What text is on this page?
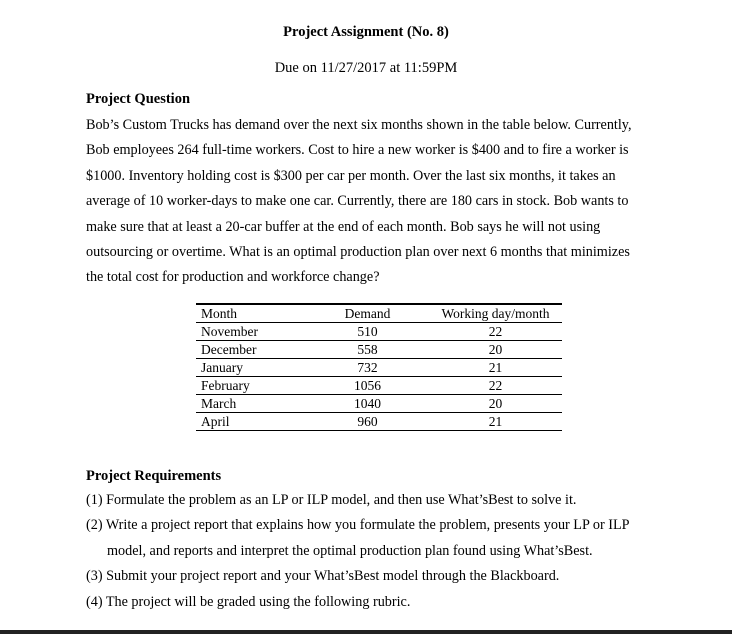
Project Assignment (No. 8)
Due on 11/27/2017 at 11:59PM
Project Question
Bob’s Custom Trucks has demand over the next six months shown in the table below. Currently,
Bob employees 264 full-time workers. Cost to hire a new worker is $400 and to fire a worker is
$1000. Inventory holding cost is $300 per car per month. Over the last six months, it takes an
average of 10 worker-days to make one car. Currently, there are 180 cars in stock. Bob wants to
make sure that at least a 20-car buffer at the end of each month. Bob says he will not using
outsourcing or overtime. What is an optimal production plan over next 6 months that minimizes
the total cost for production and workforce change?
Month	Demand	Working day/month
November	510	22
December	558	20
January	732	21
February	1056	22
March	1040	20
April	960	21
Project Requirements
(1) Formulate the problem as an LP or ILP model, and then use What’sBest to solve it.
(2) Write a project report that explains how you formulate the problem, presents your LP or ILP
model, and reports and interpret the optimal production plan found using What’sBest.
(3) Submit your project report and your What’sBest model through the Blackboard.
(4) The project will be graded using the following rubric.
